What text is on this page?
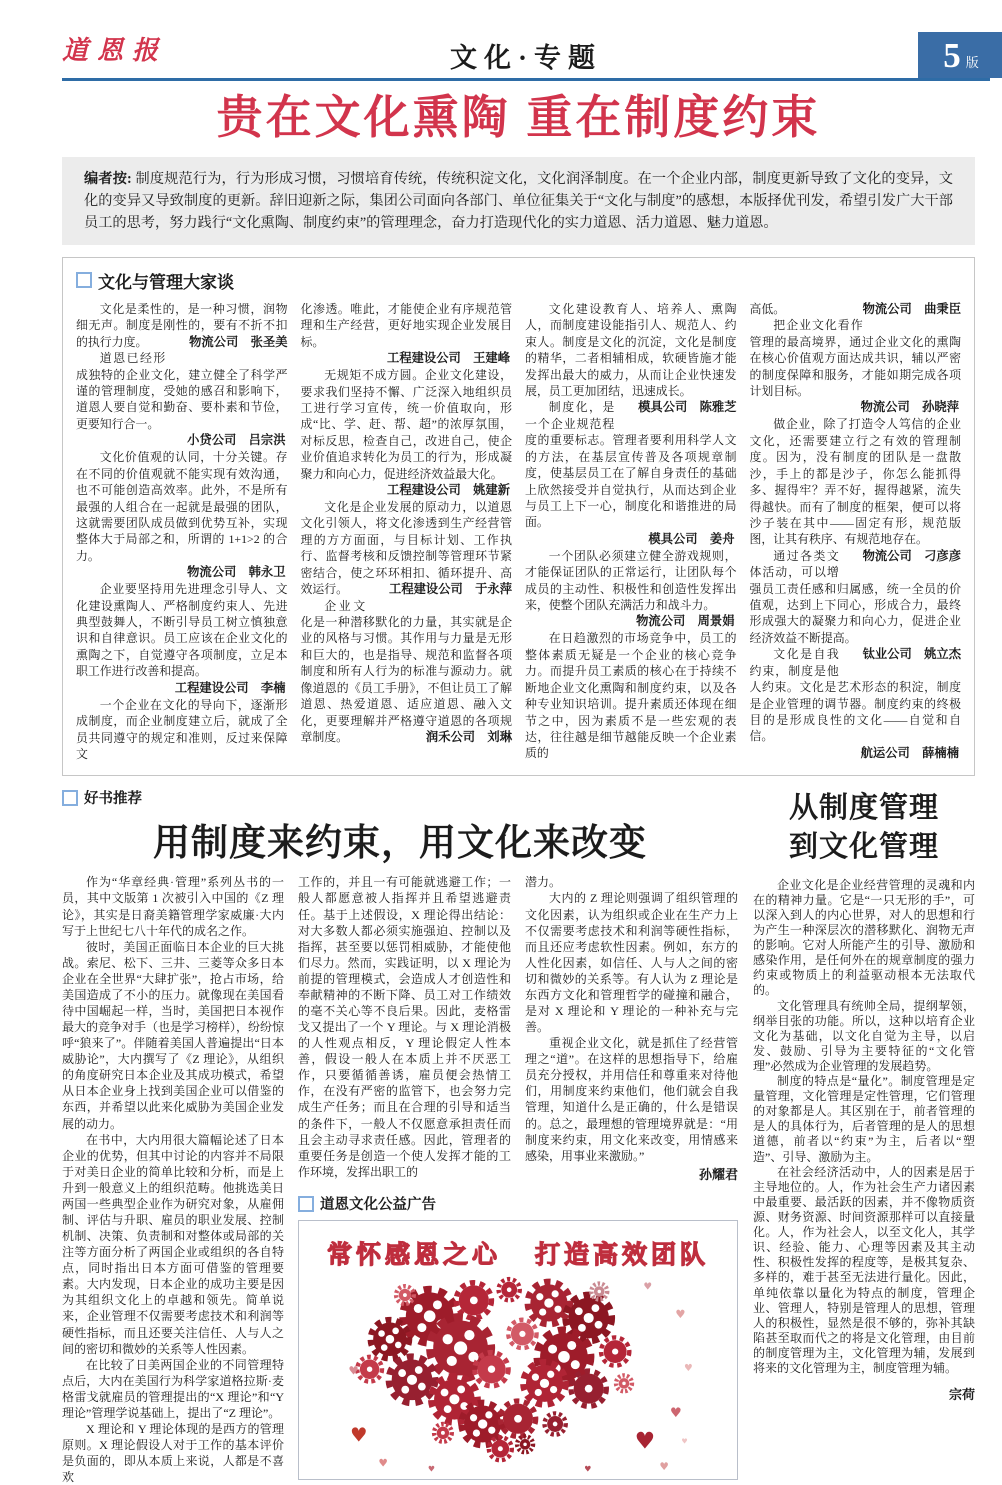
道恩报	文化·专题	5 版
贵在文化熏陶 重在制度约束
编者按: 制度规范行为，行为形成习惯，习惯培育传统，传统积淀文化，文化润泽制度。在一个企业内部，制度更新导致了文化的变异，文化的变异又导致制度的更新。辞旧迎新之际，集团公司面向各部门、单位征集关于“文化与制度”的感想，本版择优刊发，希望引发广大干部员工的思考，努力践行“文化熏陶、制度约束”的管理理念，奋力打造现代化的实力道恩、活力道恩、魅力道恩。
文化与管理大家谈

文化是柔性的，是一种习惯，润物细无声。制度是刚性的，要有不折不扣的执行力度。	物流公司　张圣美

道恩已经形成独特的企业文化，建立健全了科学严谨的管理制度，受她的感召和影响下，道恩人要自觉和勤奋、要朴素和节俭，更要知行合一。

小贷公司　吕宗洪

文化价值观的认同，十分关键。存在不同的价值观就不能实现有效沟通，也不可能创造高效率。此外，不是所有最强的人组合在一起就是最强的团队，这就需要团队成员做到优势互补，实现整体大于局部之和，所谓的 1+1>2 的合力。

物流公司　韩永卫

企业要坚持用先进理念引导人、文化建设熏陶人、严格制度约束人、先进典型鼓舞人，不断引导员工树立慎独意识和自律意识。员工应该在企业文化的熏陶之下，自觉遵守各项制度，立足本职工作进行改善和提高。

工程建设公司　李楠

一个企业在文化的导向下，逐渐形成制度，而企业制度建立后，就成了全员共同遵守的规定和准则，反过来保障文

化渗透。唯此，才能使企业有序规范管理和生产经营，更好地实现企业发展目标。

工程建设公司　王建峰

无规矩不成方圆。企业文化建设，要求我们坚持不懈、广泛深入地组织员工进行学习宣传，统一价值取向，形成“比、学、赶、帮、超”的浓厚氛围，对标反思，检查自己，改进自己，使企业价值追求转化为员工的行为，形成凝聚力和向心力，促进经济效益最大化。

工程建设公司　姚建新

文化是企业发展的原动力，以道恩文化引领人，将文化渗透到生产经营管理的方方面面，与目标计划、工作执行、监督考核和反馈控制等管理环节紧密结合，使之环环相扣、循环提升、高效运行。	工程建设公司　于永萍

企业文化是一种潜移默化的力量，其实就是企业的风格与习惯。其作用与力量是无形和巨大的，也是指导、规范和监督各项制度和所有人行为的标准与源动力。就像道恩的《员工手册》，不但让员工了解道恩、热爱道恩、适应道恩、融入文化，更要理解并严格遵守道恩的各项规章制度。	润禾公司　刘琳

文化建设教育人、培养人、熏陶人，而制度建设能指引人、规范人、约束人。制度是文化的沉淀，文化是制度的精华，二者相辅相成，软硬皆施才能发挥出最大的威力，从而让企业快速发展，员工更加团结，迅速成长。
模具公司　陈雅芝

制度化，是一个企业规范程度的重要标志。管理者要利用科学人文的方法，在基层宣传普及各项规章制度，使基层员工在了解自身责任的基础上欣然接受并自觉执行，从而达到企业与员工上下一心，制度化和谐推进的局面。

模具公司　姜舟

一个团队必须建立健全游戏规则，才能保证团队的正常运行，让团队每个成员的主动性、积极性和创造性发挥出来，使整个团队充满活力和战斗力。

物流公司　周景娟

在日趋激烈的市场竞争中，员工的整体素质无疑是一个企业的核心竞争力。而提升员工素质的核心在于持续不断地企业文化熏陶和制度约束，以及各种专业知识培训。提升素质还体现在细节之中，因为素质不是一些宏观的表达，往往越是细节越能反映一个企业素质的

高低。	物流公司　曲秉臣

把企业文化看作管理的最高境界，通过企业文化的熏陶在核心价值观方面达成共识，辅以严密的制度保障和服务，才能如期完成各项计划目标。

物流公司　孙晓萍

做企业，除了打造令人笃信的企业文化，还需要建立行之有效的管理制度。因为，没有制度的团队是一盘散沙，手上的都是沙子，你怎么能抓得多、握得牢？弄不好，握得越紧，流失得越快。而有了制度的框架，便可以将沙子装在其中——固定有形，规范版图，让其有秩序、有规范地存在。
物流公司　刁彦彦

通过各类文体活动，可以增强员工责任感和归属感，统一全员的价值观，达到上下同心，形成合力，最终形成强大的凝聚力和向心力，促进企业经济效益不断提高。
钛业公司　姚立杰

文化是自我约束，制度是他人约束。文化是艺术形态的积淀，制度是企业管理的调节器。制度约束的终极目的是形成良性的文化——自觉和自信。

航运公司　薛楠楠

好书推荐
用制度来约束，用文化来改变

作为“华章经典·管理”系列丛书的一员，其中文版第 1 次被引入中国的《Z 理论》，其实是日裔美籍管理学家威廉·大内写于上世纪七八十年代的成名之作。

彼时，美国正面临日本企业的巨大挑战。索尼、松下、三井、三菱等众多日本企业在全世界“大肆扩张”，抢占市场，给美国造成了不小的压力。就像现在美国看待中国崛起一样，当时，美国把日本视作最大的竞争对手（也是学习榜样），纷纷惊呼“狼来了”。伴随着美国人普遍提出“日本威胁论”，大内撰写了《Z 理论》，从组织的角度研究日本企业及其成功模式，希望从日本企业身上找到美国企业可以借鉴的东西，并希望以此来化威胁为美国企业发展的动力。

在书中，大内用很大篇幅论述了日本企业的优势，但其中讨论的内容并不局限于对美日企业的简单比较和分析，而是上升到一般意义上的组织范畴。他挑选美日两国一些典型企业作为研究对象，从雇佣制、评估与升职、雇员的职业发展、控制机制、决策、负责制和对整体或局部的关注等方面分析了两国企业或组织的各自特点，同时指出日本方面可借鉴的管理要素。大内发现，日本企业的成功主要是因为其组织文化上的卓越和领先。简单说来，企业管理不仅需要考虑技术和利润等硬性指标，而且还要关注信任、人与人之间的密切和微妙的关系等人性因素。

在比较了日美两国企业的不同管理特点后，大内在美国行为科学家道格拉斯·麦格雷戈就雇员的管理提出的“X 理论”和“Y 理论”管理学说基础上，提出了“Z 理论”。

X 理论和 Y 理论体现的是西方的管理原则。X 理论假设人对于工作的基本评价是负面的，即从本质上来说，人都是不喜欢

工作的，并且一有可能就逃避工作；一般人都愿意被人指挥并且希望逃避责任。基于上述假设，X 理论得出结论：对大多数人都必须实施强迫、控制以及指挥，甚至要以惩罚相威胁，才能使他们尽力。然而，实践证明，以 X 理论为前提的管理模式，会造成人才创造性和奉献精神的不断下降、员工对工作绩效的毫不关心等不良后果。因此，麦格雷戈又提出了一个 Y 理论。与 X 理论消极的人性观点相反，Y 理论假定人性本善，假设一般人在本质上并不厌恶工作，只要循循善诱，雇员便会热情工作，在没有严密的监管下，也会努力完成生产任务；而且在合理的引导和适当的条件下，一般人不仅愿意承担责任而且会主动寻求责任感。因此，管理者的重要任务是创造一个使人发挥才能的工作环境，发挥出职工的

潜力。

大内的 Z 理论则强调了组织管理的文化因素，认为组织或企业在生产力上不仅需要考虑技术和利润等硬性指标，而且还应考虑软性因素。例如，东方的人性化因素，如信任、人与人之间的密切和微妙的关系等。有人认为 Z 理论是东西方文化和管理哲学的碰撞和融合，是对 X 理论和 Y 理论的一种补充与完善。

重视企业文化，就是抓住了经营管理之“道”。在这样的思想指导下，给雇员充分授权，并用信任和尊重来对待他们，用制度来约束他们，他们就会自我管理，知道什么是正确的，什么是错误的。总之，最理想的管理境界就是：“用制度来约束，用文化来改变，用情感来感染，用事业来激励。”

孙耀君

道恩文化公益广告
常怀感恩之心 打造高效团队
♥
♥
♥
♥
♥
♥
♥
♥
♥
♥	♥
♥
从制度管理
到文化管理

企业文化是企业经营管理的灵魂和内在的精神力量。它是“一只无形的手”，可以深入到人的内心世界，对人的思想和行为产生一种深层次的潜移默化、润物无声的影响。它对人所能产生的引导、激励和感染作用，是任何外在的规章制度的强力约束或物质上的利益驱动根本无法取代的。

文化管理具有统帅全局，提纲挈领，纲举目张的功能。所以，这种以培育企业文化为基础，以文化自觉为主导，以启发、鼓励、引导为主要特征的“文化管理”必然成为企业管理的发展趋势。

制度的特点是“量化”。制度管理是定量管理，文化管理是定性管理，它们管理的对象都是人。其区别在于，前者管理的是人的具体行为，后者管理的是人的思想道德，前者以“约束”为主，后者以“塑造”、引导、激励为主。

在社会经济活动中，人的因素是居于主导地位的。人，作为社会生产力诸因素中最重要、最活跃的因素，并不像物质资源、财务资源、时间资源那样可以直接量化。人，作为社会人，以至文化人，其学识、经验、能力、心理等因素及其主动性、积极性发挥的程度等，是极其复杂、多样的，难于甚至无法进行量化。因此，单纯依靠以量化为特点的制度，管理企业、管理人，特别是管理人的思想，管理人的积极性，显然是很不够的，弥补其缺陷甚至取而代之的将是文化管理，由目前的制度管理为主，文化管理为辅，发展到将来的文化管理为主，制度管理为辅。

宗荷
